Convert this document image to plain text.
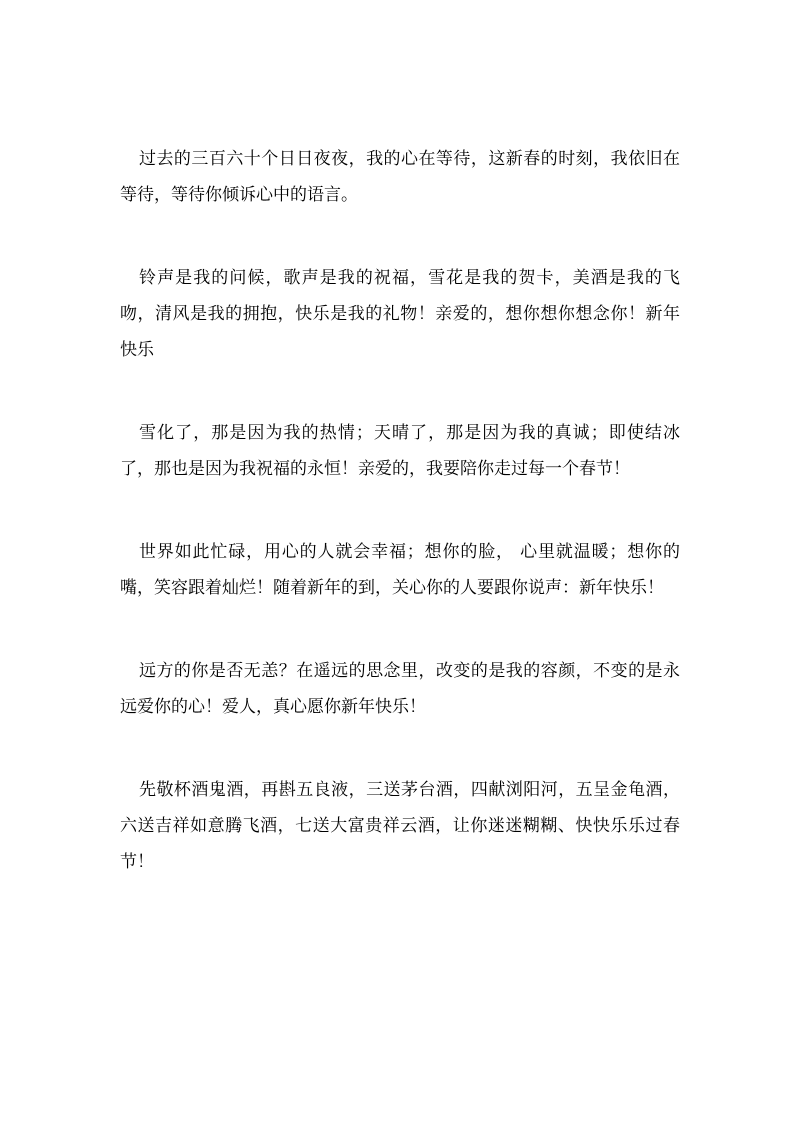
过去的三百六十个日日夜夜，我的心在等待，这新春的时刻，我依旧在等待，等待你倾诉心中的语言。

铃声是我的问候，歌声是我的祝福，雪花是我的贺卡，美酒是我的飞吻，清风是我的拥抱，快乐是我的礼物！亲爱的，想你想你想念你！新年快乐

雪化了，那是因为我的热情；天晴了，那是因为我的真诚；即使结冰了，那也是因为我祝福的永恒！亲爱的，我要陪你走过每一个春节！

世界如此忙碌，用心的人就会幸福；想你的脸， 心里就温暖；想你的嘴，笑容跟着灿烂！随着新年的到，关心你的人要跟你说声：新年快乐！

远方的你是否无恙？在遥远的思念里，改变的是我的容颜，不变的是永远爱你的心！爱人，真心愿你新年快乐！

先敬杯酒鬼酒，再斟五良液，三送茅台酒，四献浏阳河，五呈金龟酒，六送吉祥如意腾飞酒，七送大富贵祥云酒，让你迷迷糊糊、快快乐乐过春节！
